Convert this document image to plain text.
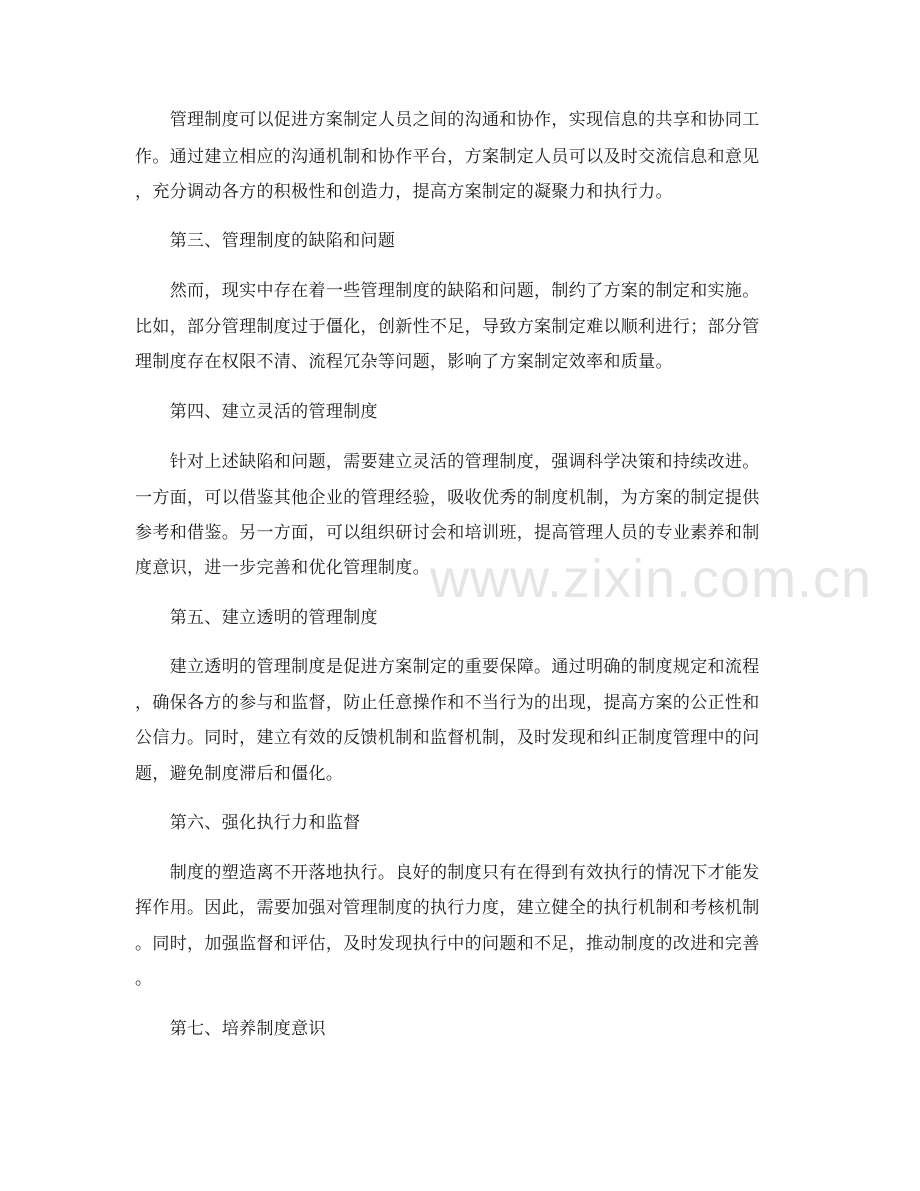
　　管理制度可以促进方案制定人员之间的沟通和协作，实现信息的共享和协同工
作。通过建立相应的沟通机制和协作平台，方案制定人员可以及时交流信息和意见
，充分调动各方的积极性和创造力，提高方案制定的凝聚力和执行力。
　　第三、管理制度的缺陷和问题
　　然而，现实中存在着一些管理制度的缺陷和问题，制约了方案的制定和实施。
比如，部分管理制度过于僵化，创新性不足，导致方案制定难以顺利进行；部分管
理制度存在权限不清、流程冗杂等问题，影响了方案制定效率和质量。
　　第四、建立灵活的管理制度
　　针对上述缺陷和问题，需要建立灵活的管理制度，强调科学决策和持续改进。
一方面，可以借鉴其他企业的管理经验，吸收优秀的制度机制，为方案的制定提供
参考和借鉴。另一方面，可以组织研讨会和培训班，提高管理人员的专业素养和制
度意识，进一步完善和优化管理制度。
　　第五、建立透明的管理制度
　　建立透明的管理制度是促进方案制定的重要保障。通过明确的制度规定和流程
，确保各方的参与和监督，防止任意操作和不当行为的出现，提高方案的公正性和
公信力。同时，建立有效的反馈机制和监督机制，及时发现和纠正制度管理中的问
题，避免制度滞后和僵化。
　　第六、强化执行力和监督
　　制度的塑造离不开落地执行。良好的制度只有在得到有效执行的情况下才能发
挥作用。因此，需要加强对管理制度的执行力度，建立健全的执行机制和考核机制
。同时，加强监督和评估，及时发现执行中的问题和不足，推动制度的改进和完善
。
　　第七、培养制度意识
www.zixin.com.cn
